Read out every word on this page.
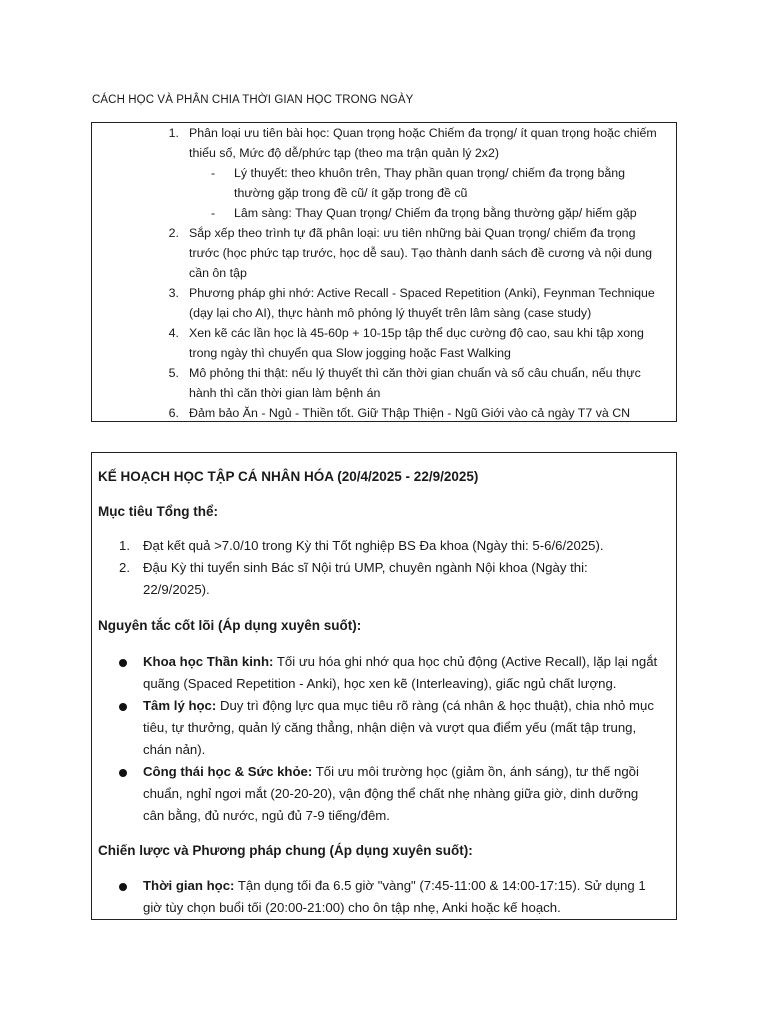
CÁCH HỌC VÀ PHÂN CHIA THỜI GIAN HỌC TRONG NGÀY
1. Phân loại ưu tiên bài học: Quan trọng hoặc Chiếm đa trọng/ ít quan trọng hoặc chiếm
thiểu số, Mức độ dễ/phức tạp (theo ma trận quản lý 2x2)
- Lý thuyết: theo khuôn trên, Thay phần quan trọng/ chiếm đa trọng bằng
thường gặp trong đề cũ/ ít gặp trong đề cũ
- Lâm sàng: Thay Quan trọng/ Chiếm đa trọng bằng thường gặp/ hiếm gặp
2. Sắp xếp theo trình tự đã phân loại: ưu tiên những bài Quan trọng/ chiếm đa trọng
trước (học phức tạp trước, học dễ sau). Tạo thành danh sách đề cương và nội dung
cần ôn tập
3. Phương pháp ghi nhớ: Active Recall - Spaced Repetition (Anki), Feynman Technique
(dạy lại cho AI), thực hành mô phỏng lý thuyết trên lâm sàng (case study)
4. Xen kẽ các lần học là 45-60p + 10-15p tập thể dục cường độ cao, sau khi tập xong
trong ngày thì chuyển qua Slow jogging hoặc Fast Walking
5. Mô phỏng thi thật: nếu lý thuyết thì căn thời gian chuẩn và số câu chuẩn, nếu thực
hành thì căn thời gian làm bệnh án
6. Đảm bảo Ăn - Ngủ - Thiền tốt. Giữ Thập Thiện - Ngũ Giới vào cả ngày T7 và CN
KẾ HOẠCH HỌC TẬP CÁ NHÂN HÓA (20/4/2025 - 22/9/2025)
Mục tiêu Tổng thể:
1. Đạt kết quả >7.0/10 trong Kỳ thi Tốt nghiệp BS Đa khoa (Ngày thi: 5-6/6/2025).
2. Đậu Kỳ thi tuyển sinh Bác sĩ Nội trú UMP, chuyên ngành Nội khoa (Ngày thi:
22/9/2025).
Nguyên tắc cốt lõi (Áp dụng xuyên suốt):
Khoa học Thần kinh: Tối ưu hóa ghi nhớ qua học chủ động (Active Recall), lặp lại ngắt
quãng (Spaced Repetition - Anki), học xen kẽ (Interleaving), giấc ngủ chất lượng.
Tâm lý học: Duy trì động lực qua mục tiêu rõ ràng (cá nhân & học thuật), chia nhỏ mục
tiêu, tự thưởng, quản lý căng thẳng, nhận diện và vượt qua điểm yếu (mất tập trung,
chán nản).
Công thái học & Sức khỏe: Tối ưu môi trường học (giảm ồn, ánh sáng), tư thế ngồi
chuẩn, nghỉ ngơi mắt (20-20-20), vận động thể chất nhẹ nhàng giữa giờ, dinh dưỡng
cân bằng, đủ nước, ngủ đủ 7-9 tiếng/đêm.
Chiến lược và Phương pháp chung (Áp dụng xuyên suốt):
Thời gian học: Tận dụng tối đa 6.5 giờ "vàng" (7:45-11:00 & 14:00-17:15). Sử dụng 1
giờ tùy chọn buổi tối (20:00-21:00) cho ôn tập nhẹ, Anki hoặc kế hoạch.
